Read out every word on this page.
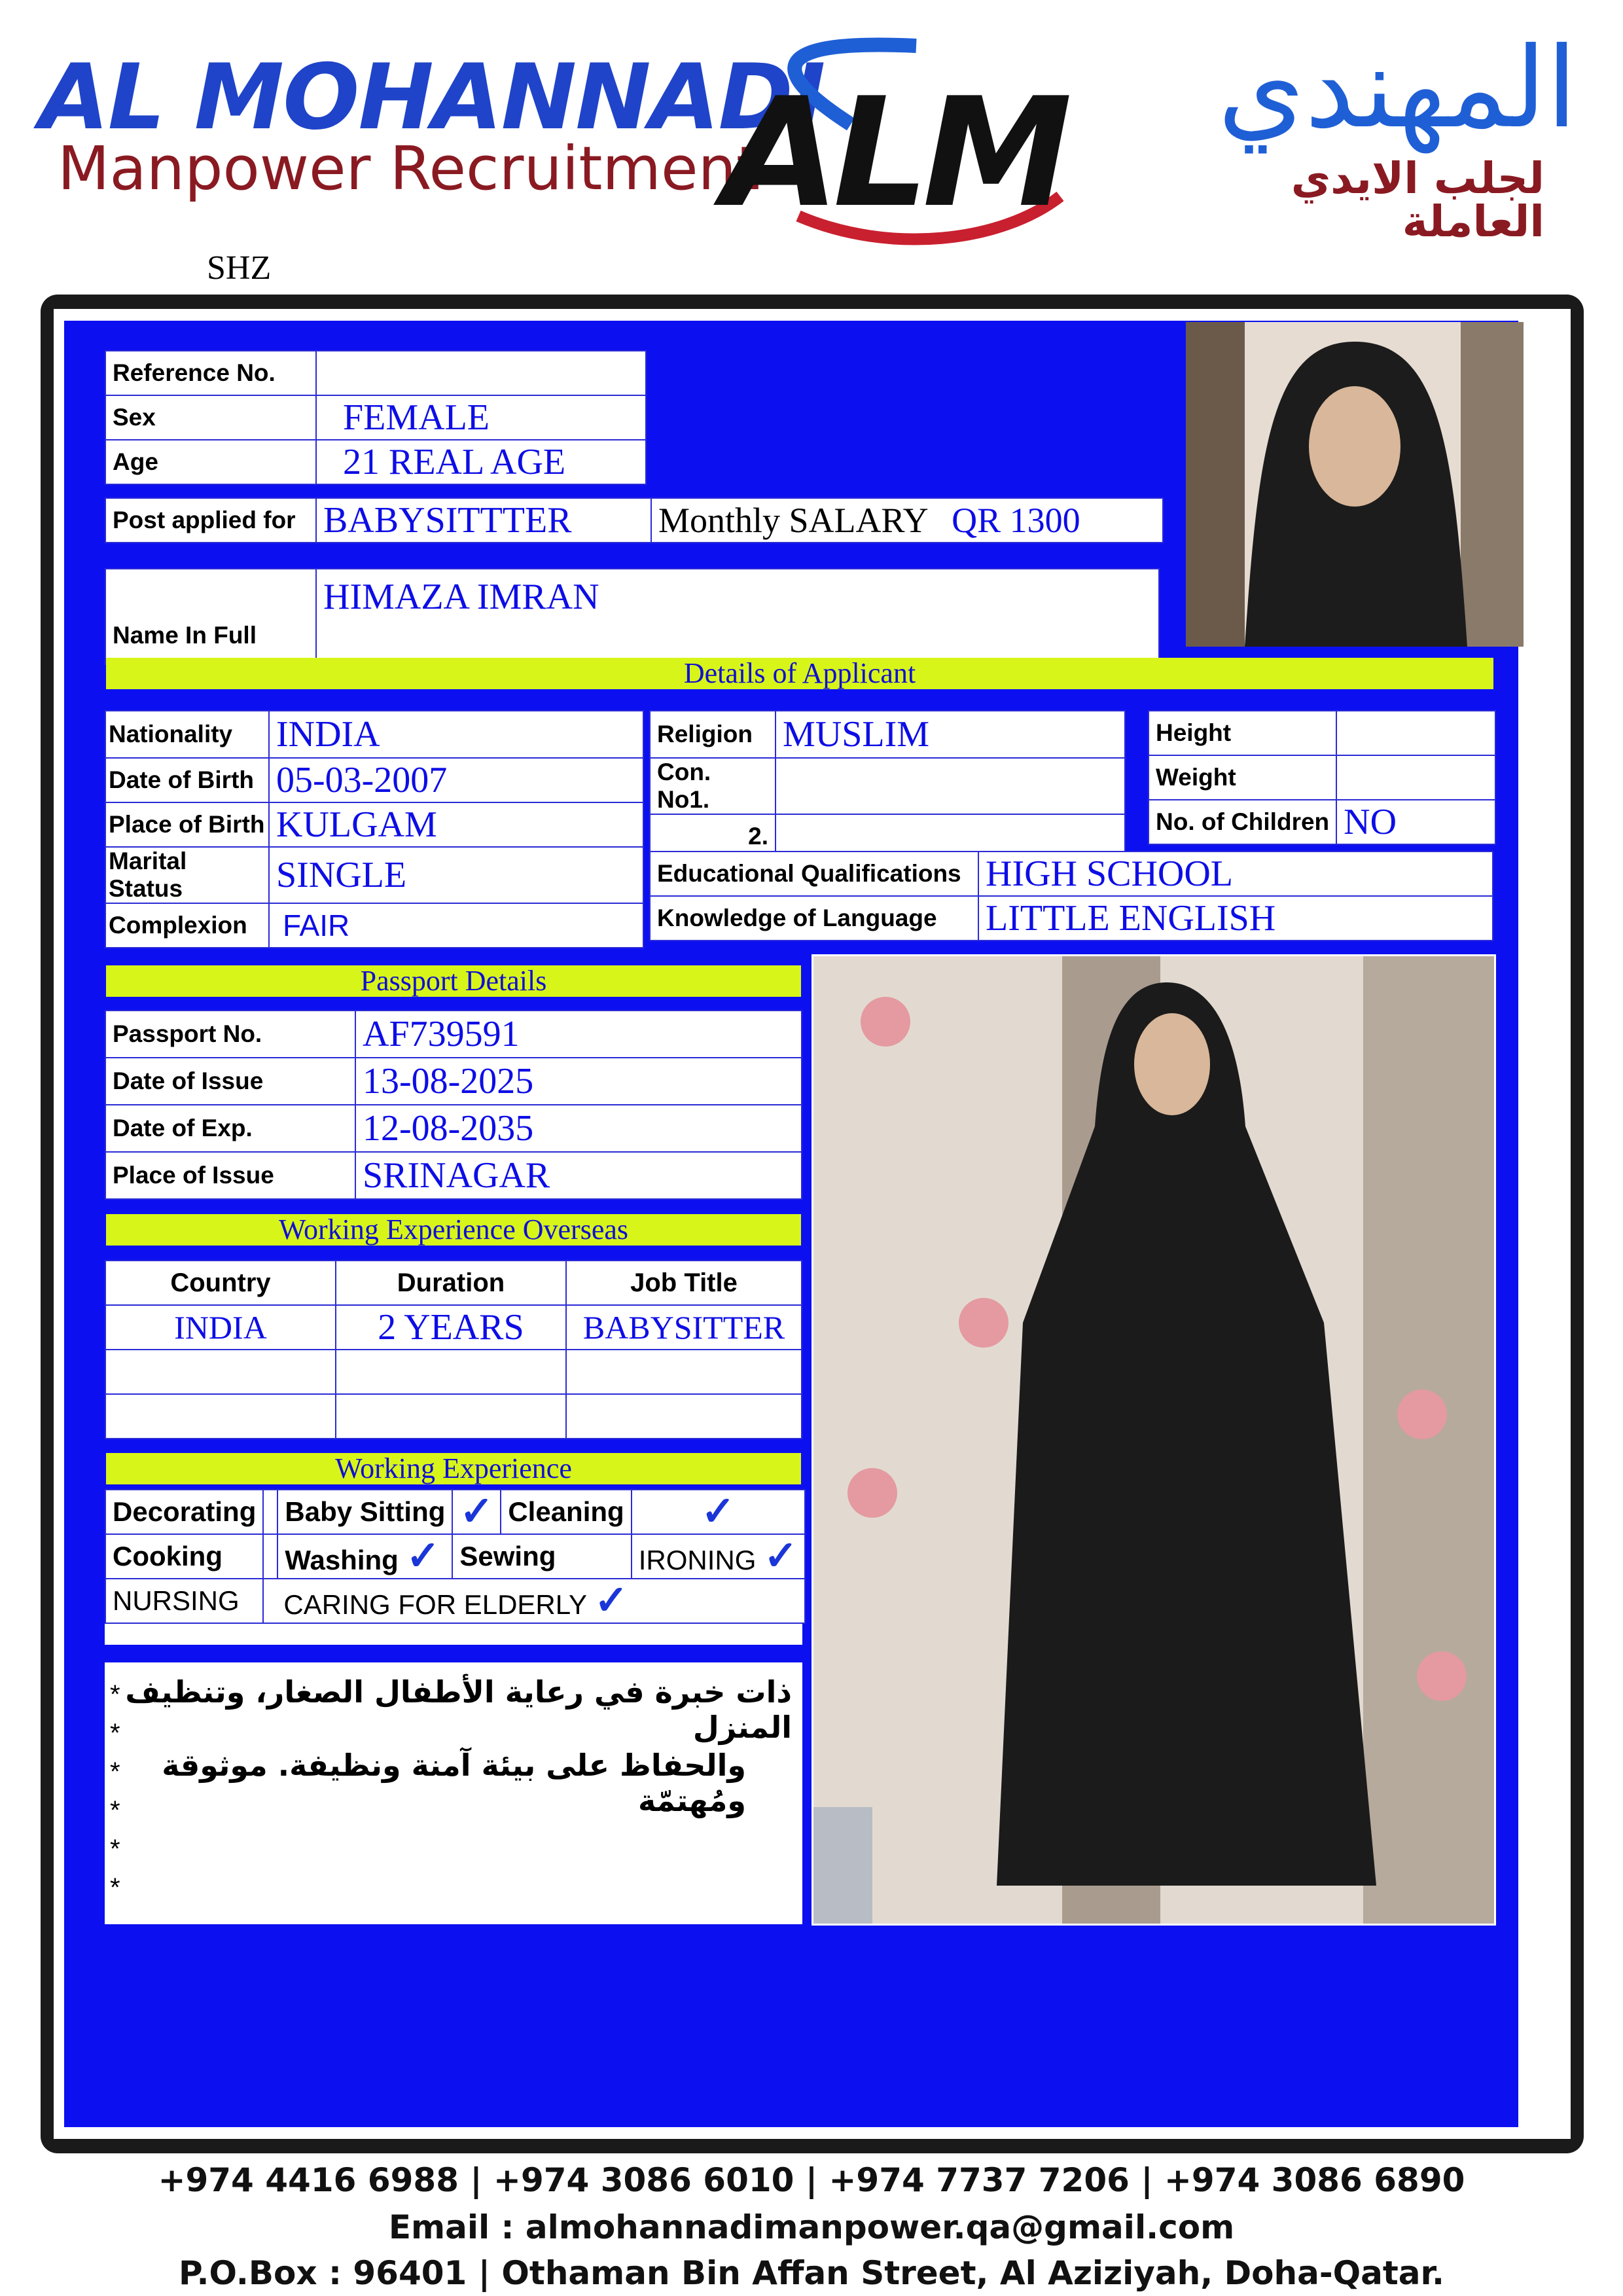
AL MOHANNADI
Manpower Recruitment
ALM	المهندي
لجلب الايدي العاملة
SHZ
Reference No.	
Sex	FEMALE
Age	21 REAL AGE
Post applied for	BABYSITTTER	Monthly SALARY QR 1300
Name In Full	HIMAZA IMRAN
Details of Applicant
Nationality	INDIA
Date of Birth	05-03-2007
Place of Birth	KULGAM
Marital Status	SINGLE
Complexion	FAIR
Religion	MUSLIM
Con. No1.	
2.	
Height	
Weight	
No. of Children	NO
Educational Qualifications	HIGH SCHOOL
Knowledge of Language	LITTLE ENGLISH
Passport Details
Passport No.	AF739591
Date of Issue	13-08-2025
Date of Exp.	12-08-2035
Place of Issue	SRINAGAR
Working Experience Overseas
Country	Duration	Job Title
INDIA	2 YEARS	BABYSITTER

Working Experience
Decorating		Baby Sitting	✓	Cleaning	✓
Cooking		Washing ✓	Sewing		IRONING ✓
NURSING	CARING FOR ELDERLY ✓				
*
*
*
*
*
*
ذات خبرة في رعاية الأطفال الصغار، وتنظيف المنزل
والحفاظ على بيئة آمنة ونظيفة. موثوقة ومُهتمّة
+974 4416 6988 | +974 3086 6010 | +974 7737 7206 | +974 3086 6890
Email : almohannadimanpower.qa@gmail.com
P.O.Box : 96401 | Othaman Bin Affan Street, Al Aziziyah, Doha-Qatar.
